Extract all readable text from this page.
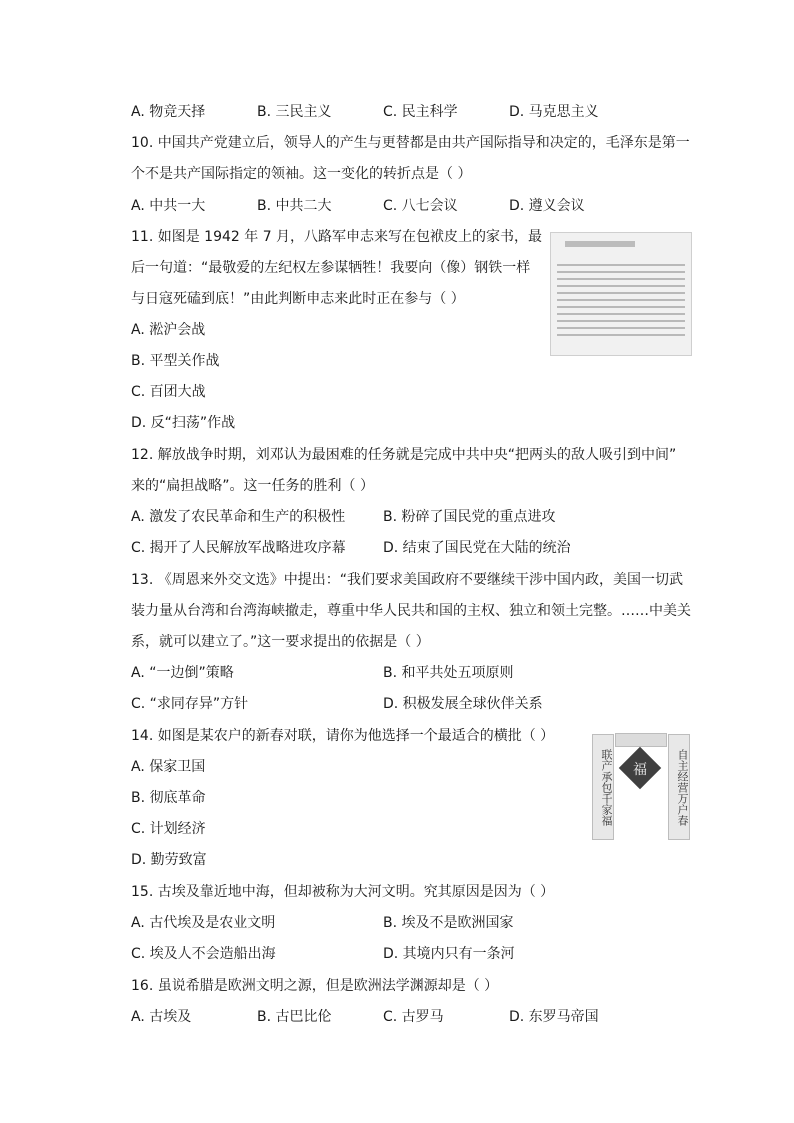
A. 物竞天择	B. 三民主义	C. 民主科学	D. 马克思主义
10. 中国共产党建立后，领导人的产生与更替都是由共产国际指导和决定的，毛泽东是第一
个不是共产国际指定的领袖。这一变化的转折点是（ ）
A. 中共一大	B. 中共二大	C. 八七会议	D. 遵义会议
11. 如图是 1942 年 7 月，八路军申志来写在包袱皮上的家书，最
后一句道：“最敬爱的左纪权左参谋牺牲！我要向（像）钢铁一样
与日寇死磕到底！”由此判断申志来此时正在参与（ ）
A. 淞沪会战
B. 平型关作战
C. 百团大战
D. 反“扫荡”作战
12. 解放战争时期，刘邓认为最困难的任务就是完成中共中央“把两头的敌人吸引到中间”
来的“扁担战略”。这一任务的胜利（ ）
A. 激发了农民革命和生产的积极性	B. 粉碎了国民党的重点进攻
C. 揭开了人民解放军战略进攻序幕	D. 结束了国民党在大陆的统治
13. 《周恩来外交文选》中提出：“我们要求美国政府不要继续干涉中国内政，美国一切武
装力量从台湾和台湾海峡撤走，尊重中华人民共和国的主权、独立和领土完整。……中美关
系，就可以建立了。”这一要求提出的依据是（ ）
A. “一边倒”策略	B. 和平共处五项原则
C. “求同存异”方针	D. 积极发展全球伙伴关系
14. 如图是某农户的新春对联，请你为他选择一个最适合的横批（ ）
联产承包千家福 福	自主经营万户春
A. 保家卫国
B. 彻底革命
C. 计划经济
D. 勤劳致富
15. 古埃及靠近地中海，但却被称为大河文明。究其原因是因为（ ）
A. 古代埃及是农业文明	B. 埃及不是欧洲国家
C. 埃及人不会造船出海	D. 其境内只有一条河
16. 虽说希腊是欧洲文明之源，但是欧洲法学渊源却是（ ）
A. 古埃及	B. 古巴比伦	C. 古罗马	D. 东罗马帝国
